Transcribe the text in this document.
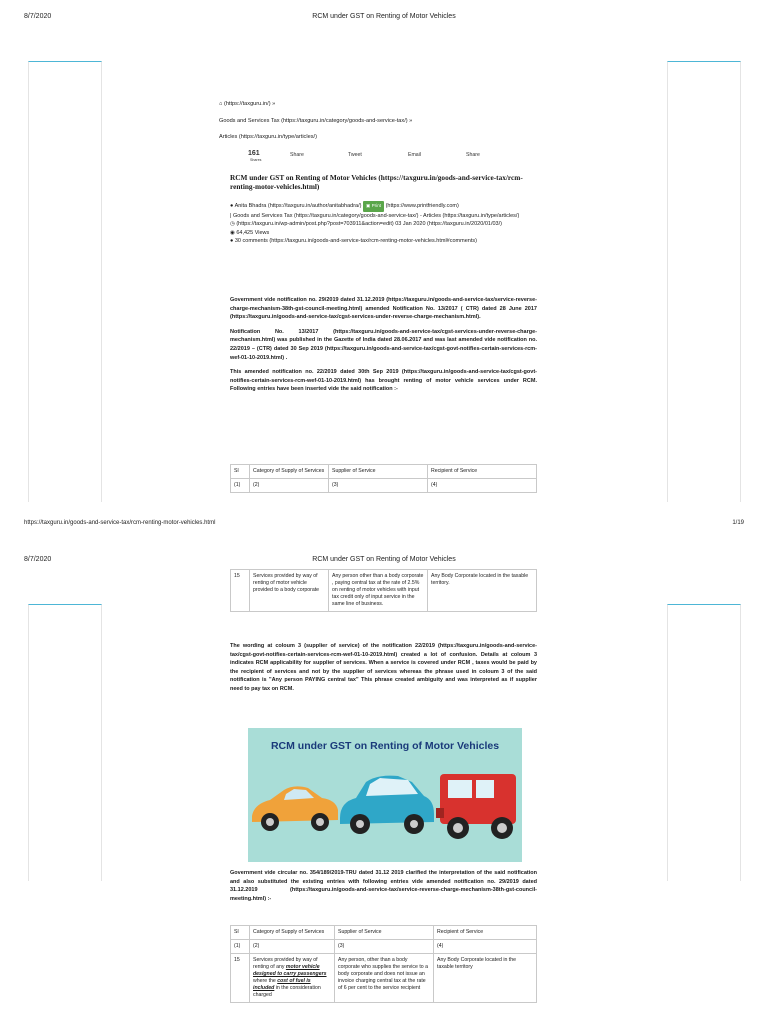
8/7/2020	RCM under GST on Renting of Motor Vehicles

⌂ (https://taxguru.in/) »

Goods and Services Tax (https://taxguru.in/category/goods-and-service-tax/) »

Articles (https://taxguru.in/type/articles/)

161
Shares
Share	Tweet	Email	Share
RCM under GST on Renting of Motor Vehicles (https://taxguru.in/goods-and-service-tax/rcm-renting-motor-vehicles.html)
● Anita Bhadra (https://taxguru.in/author/anitabhadra/) ▣ Print (https://www.printfriendly.com)
| Goods and Services Tax (https://taxguru.in/category/goods-and-service-tax/) - Articles (https://taxguru.in/type/articles/)
◷ (https://taxguru.in/wp-admin/post.php?post=703911&action=edit) 03 Jan 2020 (https://taxguru.in/2020/01/03/)
◉ 64,425 Views
● 30 comments (https://taxguru.in/goods-and-service-tax/rcm-renting-motor-vehicles.html#comments)

Government vide notification no. 29/2019 dated 31.12.2019 (https://taxguru.in/goods-and-service-tax/service-reverse-charge-mechanism-38th-gst-council-meeting.html) amended Notification No. 13/2017 ( CTR) dated 28 June 2017 (https://taxguru.in/goods-and-service-tax/cgst-services-under-reverse-charge-mechanism.html).

Notification No. 13/2017 (https://taxguru.in/goods-and-service-tax/cgst-services-under-reverse-charge-mechanism.html) was published in the Gazette of India dated 28.06.2017 and was last amended vide notification no. 22/2019 – (CTR) dated 30 Sep 2019 (https://taxguru.in/goods-and-service-tax/cgst-govt-notifies-certain-services-rcm-wef-01-10-2019.html) .

This amended notification no. 22/2019 dated 30th Sep 2019 (https://taxguru.in/goods-and-service-tax/cgst-govt-notifies-certain-services-rcm-wef-01-10-2019.html) has brought renting of motor vehicle services under RCM. Following entries have been inserted vide the said notification :-

Sl	Category of Supply of Services	Supplier of Service	Recipient of Service
(1)	(2)	(3)	(4)
https://taxguru.in/goods-and-service-tax/rcm-renting-motor-vehicles.html	1/19
8/7/2020	RCM under GST on Renting of Motor Vehicles
15	Services provided by way of renting of motor vehicle provided to a body corporate	Any person other than a body corporate , paying central tax at the rate of 2.5% on renting of motor vehicles with input tax credit only of input service in the same line of business.	Any Body Corporate located in the taxable territory.

The wording at coloum 3 (supplier of service) of the notification 22/2019 (https://taxguru.in/goods-and-service-tax/cgst-govt-notifies-certain-services-rcm-wef-01-10-2019.html) created a lot of confusion. Details at coloum 3 indicates RCM applicability for supplier of services. When a service is covered under RCM , taxes would be paid by the recipient of services and not by the supplier of services whereas the phrase used in coloum 3 of the said notification is "Any person PAYING central tax" This phrase created ambiguity and was interpreted as if supplier need to pay tax on RCM.

RCM under GST on Renting of Motor Vehicles

Government vide circular no. 354/189/2019-TRU dated 31.12 2019 clarified the interpretation of the said notification and also substituted the existing entries with following entries vide amended notification no. 29/2019 dated 31.12.2019 (https://taxguru.in/goods-and-service-tax/service-reverse-charge-mechanism-38th-gst-council-meeting.html) :-

Sl	Category of Supply of Services	Supplier of Service	Recipient of Service
(1)	(2)	(3)	(4)
15	Services provided by way of renting of any motor vehicle designed to carry passengers where the cost of fuel is included in the consideration charged	Any person, other than a body corporate who supplies the service to a body corporate and does not issue an invoice charging central tax at the rate of 6 per cent to the service recipient	Any Body Corporate located in the taxable territory
